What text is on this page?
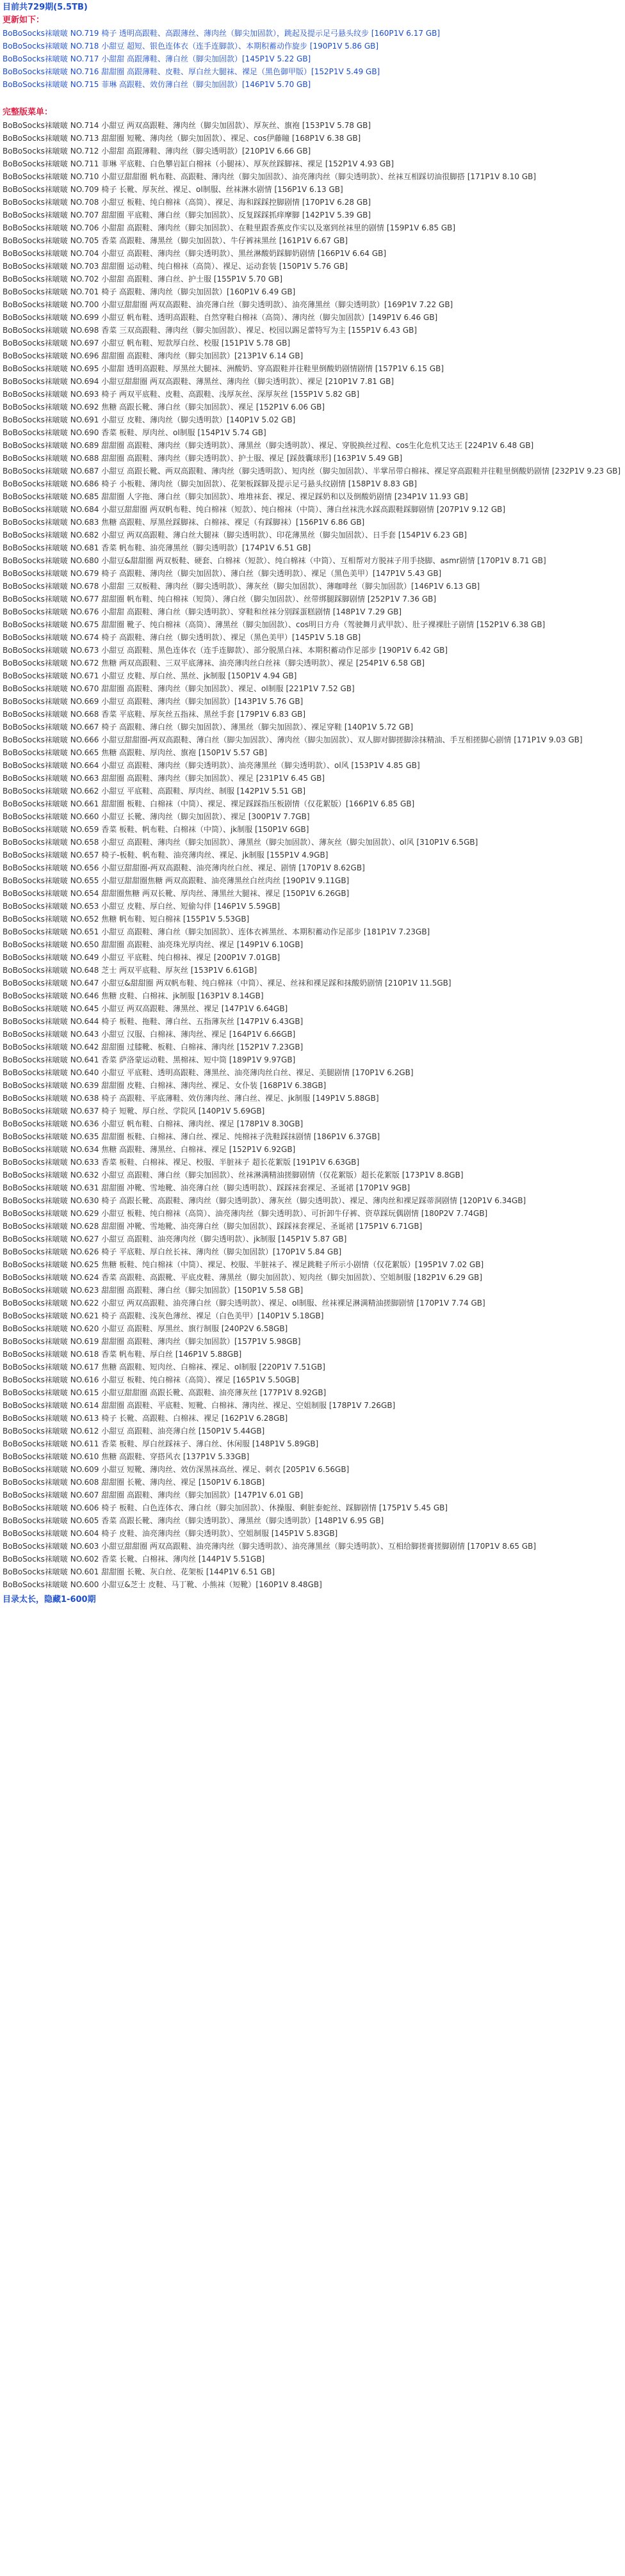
目前共729期(5.5TB)
更新如下：
BoBoSocks袜啵啵 NO.719 椅子 透明高跟鞋、高跟薄丝、薄肉丝（脚尖加固款），跳起及提示足弓悬头纹步 [160P1V 6.17 GB]
BoBoSocks袜啵啵 NO.718 小甜豆 超短、银色连体衣（连手连脚款）、本期积蓄动作旋步 [190P1V 5.86 GB]
BoBoSocks袜啵啵 NO.717 小甜甜 高跟薄鞋、薄白丝（脚尖加固款）[145P1V 5.22 GB]
BoBoSocks袜啵啵 NO.716 甜甜圈 高跟薄鞋、皮鞋、厚白丝大腿袜、裸足（黑色御甲版）[152P1V 5.49 GB]
BoBoSocks袜啵啵 NO.715 菲琳 高跟鞋、效仿薄白丝（脚尖加固款）[146P1V 5.70 GB]
完整版菜单：
BoBoSocks袜啵啵 NO.714 小甜豆 两双高跟鞋、薄肉丝（脚尖加固款）、厚灰丝、旗袍 [153P1V 5.78 GB]
BoBoSocks袜啵啵 NO.713 甜甜圈 短靴、薄肉丝（脚尖加固款）、裸足、cos伊藤瞳 [168P1V 6.38 GB]
BoBoSocks袜啵啵 NO.712 小甜甜 高跟薄鞋、薄肉丝（脚尖透明款）[210P1V 6.66 GB]
BoBoSocks袜啵啵 NO.711 菲琳 平底鞋、白色攀岩缸白棉袜（小腿袜）、厚灰丝踩脚袜、裸足 [152P1V 4.93 GB]
BoBoSocks袜啵啵 NO.710 小甜豆甜甜圈 帆布鞋、高跟鞋、薄肉丝（脚尖加固款）、油亮薄肉丝（脚尖透明款）、丝袜互相踩切油很脚搭 [171P1V 8.10 GB]
BoBoSocks袜啵啵 NO.709 椅子 长靴、厚灰丝、裸足、ol制服、丝袜淋水剧情 [156P1V 6.13 GB]
BoBoSocks袜啵啵 NO.708 小甜豆 板鞋、纯白棉袜（高筒）、裸足、海和踩踩控脚剧情 [170P1V 6.28 GB]
BoBoSocks袜啵啵 NO.707 甜甜圈 平底鞋、薄白丝（脚尖加固款）、反复踩踩抓痒摩脚 [142P1V 5.39 GB]
BoBoSocks袜啵啵 NO.706 小甜甜 高跟鞋、薄肉丝（脚尖加固款）、在鞋里跟香蕉皮作实以及塞到丝袜里的剧情 [159P1V 6.85 GB]
BoBoSocks袜啵啵 NO.705 香菜 高跟鞋、薄黑丝（脚尖加固款）、牛仔裤袜黑丝 [161P1V 6.67 GB]
BoBoSocks袜啵啵 NO.704 小甜豆 高跟鞋、薄肉丝（脚尖透明款）、黑丝淋酸奶踩脚奶剧情 [166P1V 6.64 GB]
BoBoSocks袜啵啵 NO.703 甜甜圈 运动鞋、纯白棉袜（高筒）、裸足、运动套装 [150P1V 5.76 GB]
BoBoSocks袜啵啵 NO.702 小甜甜 高跟鞋、薄白丝、护士服 [155P1V 5.70 GB]
BoBoSocks袜啵啵 NO.701 椅子 高跟鞋、薄肉丝（脚尖加固款）[160P1V 6.49 GB]
BoBoSocks袜啵啵 NO.700 小甜豆甜甜圈 两双高跟鞋、油亮薄白丝（脚尖透明款）、油亮薄黑丝（脚尖透明款）[169P1V 7.22 GB]
BoBoSocks袜啵啵 NO.699 小甜豆 帆布鞋、透明高跟鞋、自然穿鞋白棉袜（高筒）、薄肉丝（脚尖加固款）[149P1V 6.46 GB]
BoBoSocks袜啵啵 NO.698 香菜 三双高跟鞋、薄肉丝（脚尖加固款）、裸足、校园以踢足蕾特写为主 [155P1V 6.43 GB]
BoBoSocks袜啵啵 NO.697 小甜豆 帆布鞋、短款厚白丝、校服 [151P1V 5.78 GB]
BoBoSocks袜啵啵 NO.696 甜甜圈 高跟鞋、薄肉丝（脚尖加固款）[213P1V 6.14 GB]
BoBoSocks袜啵啵 NO.695 小甜甜 透明高跟鞋、厚黑丝大腿袜、洲酸奶、穿高跟鞋并往鞋里倒酸奶剧情剧情 [157P1V 6.15 GB]
BoBoSocks袜啵啵 NO.694 小甜豆甜甜圈 两双高跟鞋、薄黑丝、薄肉丝（脚尖透明款）、裸足 [210P1V 7.81 GB]
BoBoSocks袜啵啵 NO.693 椅子 两双平底鞋、皮鞋、高跟鞋、浅厚灰丝、深厚灰丝 [155P1V 5.82 GB]
BoBoSocks袜啵啵 NO.692 焦糖 高跟长靴、薄白丝（脚尖加固款）、裸足 [152P1V 6.06 GB]
BoBoSocks袜啵啵 NO.691 小甜豆 皮鞋、薄肉丝（脚尖透明款）[140P1V 5.02 GB]
BoBoSocks袜啵啵 NO.690 香菜 板鞋、厚肉丝、ol制服 [154P1V 5.74 GB]
BoBoSocks袜啵啵 NO.689 甜甜圈 高跟鞋、薄肉丝（脚尖透明款）、薄黑丝（脚尖透明款）、裸足、穿脱换丝过程、cos生化危机艾达王 [224P1V 6.48 GB]
BoBoSocks袜啵啵 NO.688 甜甜圈 高跟鞋、薄肉丝（脚尖透明款）、护士服、裸足 [踩鼓囊球形] [163P1V 5.49 GB]
BoBoSocks袜啵啵 NO.687 小甜豆 高跟长靴、两双高跟鞋、薄肉丝（脚尖透明款）、短肉丝（脚尖加固款）、半掌吊带白棉袜、裸足穿高跟鞋并往鞋里倒酸奶剧情 [232P1V 9.23 GB]
BoBoSocks袜啵啵 NO.686 椅子 小板鞋、薄肉丝（脚尖加固款）、花架板踩脚及提示足弓悬头纹剧情 [158P1V 8.83 GB]
BoBoSocks袜啵啵 NO.685 甜甜圈 人字拖、薄白丝（脚尖加固款）、堆堆袜套、裸足、裸足踩奶和以及倒酸奶剧情 [234P1V 11.93 GB]
BoBoSocks袜啵啵 NO.684 小甜豆甜甜圈 两双帆布鞋、纯白棉袜（短款）、纯白棉袜（中筒）、薄白丝袜洗水踩高跟鞋踩脚剧情 [207P1V 9.12 GB]
BoBoSocks袜啵啵 NO.683 焦糖 高跟鞋、厚黑丝踩脚袜、白棉袜、裸足（有踩脚袜）[156P1V 6.86 GB]
BoBoSocks袜啵啵 NO.682 小甜豆 两双高跟鞋、薄白丝大腿袜（脚尖透明款）、印花薄黑丝（脚尖加固款）、日手套 [154P1V 6.23 GB]
BoBoSocks袜啵啵 NO.681 香菜 帆布鞋、油亮薄黑丝（脚尖透明款）[174P1V 6.51 GB]
BoBoSocks袜啵啵 NO.680 小甜豆&甜甜圈 两双板鞋、硬套、白棉袜（短款）、纯白棉袜（中筒）、互相帮对方脱袜子用手挠脚、asmr剧情 [170P1V 8.71 GB]
BoBoSocks袜啵啵 NO.679 椅子 高跟鞋、薄肉丝（脚尖加固款）、薄白丝（脚尖透明款）、裸足（黑色美甲）[147P1V 5.43 GB]
BoBoSocks袜啵啵 NO.678 小甜甜 三双板鞋、薄肉丝（脚尖透明款）、薄灰丝（脚尖加固款）、薄咖啡丝（脚尖加固款）[146P1V 6.13 GB]
BoBoSocks袜啵啵 NO.677 甜甜圈 帆布鞋、纯白棉袜（短筒）、薄白丝（脚尖加固款）、丝带绑腿踩脚剧情 [252P1V 7.36 GB]
BoBoSocks袜啵啵 NO.676 小甜甜 高跟鞋、薄白丝（脚尖透明款）、穿鞋和丝袜分别踩蛋糕剧情 [148P1V 7.29 GB]
BoBoSocks袜啵啵 NO.675 甜甜圈 靴子、纯白棉袜（高筒）、薄黑丝（脚尖加固款）、cos明日方舟（驾驶舞月武甲款）、肚子裸裸肚子剧情 [152P1V 6.38 GB]
BoBoSocks袜啵啵 NO.674 椅子 高跟鞋、薄白丝（脚尖透明款）、裸足（黑色美甲）[145P1V 5.18 GB]
BoBoSocks袜啵啵 NO.673 小甜豆 高跟鞋、黑色连体衣（连手连脚款）、部分脱黑白袜、本期积蓄动作足部步 [190P1V 6.42 GB]
BoBoSocks袜啵啵 NO.672 焦糖 两双高跟鞋、三双平底薄袜、油亮薄肉丝白丝袜（脚尖透明款）、裸足 [254P1V 6.58 GB]
BoBoSocks袜啵啵 NO.671 小甜豆 皮鞋、厚白丝、黑丝、jk制服 [150P1V 4.94 GB]
BoBoSocks袜啵啵 NO.670 甜甜圈 高跟鞋、薄肉丝（脚尖加固款）、裸足、ol制服 [221P1V 7.52 GB]
BoBoSocks袜啵啵 NO.669 小甜豆 高跟鞋、薄肉丝（脚尖加固款）[143P1V 5.76 GB]
BoBoSocks袜啵啵 NO.668 香菜 平底鞋、厚灰丝五指袜、黑丝手套 [179P1V 6.83 GB]
BoBoSocks袜啵啵 NO.667 椅子 高跟鞋、薄白丝（脚尖加固款）、薄黑丝（脚尖加固款）、裸足穿鞋 [140P1V 5.72 GB]
BoBoSocks袜啵啵 NO.666 小甜豆甜甜圈-两双高跟鞋、薄白丝（脚尖加固款）、薄肉丝（脚尖加固款）、双人脚对脚搓脚涂抹精油、手互相搓脚心剧情 [171P1V 9.03 GB]
BoBoSocks袜啵啵 NO.665 焦糖 高跟鞋、厚肉丝、旗袍 [150P1V 5.57 GB]
BoBoSocks袜啵啵 NO.664 小甜豆 高跟鞋、薄肉丝（脚尖透明款）、油亮薄黑丝（脚尖透明款）、ol风 [153P1V 4.85 GB]
BoBoSocks袜啵啵 NO.663 甜甜圈 高跟鞋、薄肉丝（脚尖加固款）、裸足 [231P1V 6.45 GB]
BoBoSocks袜啵啵 NO.662 小甜豆 平底鞋、高跟鞋、厚肉丝、制服 [142P1V 5.51 GB]
BoBoSocks袜啵啵 NO.661 甜甜圈 板鞋、白棉袜（中筒）、裸足、裸足踩踩指压板剧情（仅花絮版）[166P1V 6.85 GB]
BoBoSocks袜啵啵 NO.660 小甜豆 长靴、薄肉丝（脚尖加固款）、裸足 [300P1V 7.7GB]
BoBoSocks袜啵啵 NO.659 香菜 板鞋、帆布鞋、白棉袜（中筒）、jk制服 [150P1V 6GB]
BoBoSocks袜啵啵 NO.658 小甜豆 高跟鞋、薄肉丝（脚尖加固款）、薄黑丝（脚尖加固款）、薄灰丝（脚尖加固款）、ol风 [310P1V 6.5GB]
BoBoSocks袜啵啵 NO.657 椅子-板鞋、帆布鞋、油亮薄肉丝、裸足、jk制服 [155P1V 4.9GB]
BoBoSocks袜啵啵 NO.656 小甜豆甜甜圈-两双高跟鞋、油亮薄肉丝白丝、裸足、剧情 [170P1V 8.62GB]
BoBoSocks袜啵啵 NO.655 小甜豆甜甜圈焦糖 两双高跟鞋、油亮薄黑丝白丝肉丝 [190P1V 9.11GB]
BoBoSocks袜啵啵 NO.654 甜甜圈焦糖 两双长靴、厚肉丝、薄黑丝大腿袜、裸足 [150P1V 6.26GB]
BoBoSocks袜啵啵 NO.653 小甜豆 皮鞋、厚白丝、短偷勾伴 [146P1V 5.59GB]
BoBoSocks袜啵啵 NO.652 焦糖 帆布鞋、短白棉袜 [155P1V 5.53GB]
BoBoSocks袜啵啵 NO.651 小甜豆 高跟鞋、薄白丝（脚尖加固款）、连体衣裤黑丝、本期积蓄动作足部步 [181P1V 7.23GB]
BoBoSocks袜啵啵 NO.650 甜甜圈 高跟鞋、油亮珠光厚肉丝、裸足 [149P1V 6.10GB]
BoBoSocks袜啵啵 NO.649 小甜豆 平底鞋、纯白棉袜、裸足 [200P1V 7.01GB]
BoBoSocks袜啵啵 NO.648 芝士 两双平底鞋、厚灰丝 [153P1V 6.61GB]
BoBoSocks袜啵啵 NO.647 小甜豆&甜甜圈 两双帆布鞋、纯白棉袜（中筒）、裸足、丝袜和裸足踩和抹酸奶剧情 [210P1V 11.5GB]
BoBoSocks袜啵啵 NO.646 焦糖 皮鞋、白棉袜、jk制服 [163P1V 8.14GB]
BoBoSocks袜啵啵 NO.645 小甜豆 两双高跟鞋、薄黑丝、裸足 [147P1V 6.64GB]
BoBoSocks袜啵啵 NO.644 椅子 板鞋、拖鞋、薄白丝、五指薄灰丝 [147P1V 6.43GB]
BoBoSocks袜啵啵 NO.643 小甜豆 汉服、白棉袜、薄肉丝、裸足 [164P1V 6.66GB]
BoBoSocks袜啵啵 NO.642 甜甜圈 过膝靴、板鞋、白棉袜、薄肉丝 [152P1V 7.23GB]
BoBoSocks袜啵啵 NO.641 香菜 萨洛蒙运动鞋、黑棉袜、短中筒 [189P1V 9.97GB]
BoBoSocks袜啵啵 NO.640 小甜豆 平底鞋、透明高跟鞋、薄黑丝、油亮薄肉丝白丝、裸足、美腿剧情 [170P1V 6.2GB]
BoBoSocks袜啵啵 NO.639 甜甜圈 皮鞋、白棉袜、薄肉丝、裸足、女仆装 [168P1V 6.38GB]
BoBoSocks袜啵啵 NO.638 椅子 高跟鞋、平底薄鞋、效仿薄肉丝、薄白丝、裸足、jk制服 [149P1V 5.88GB]
BoBoSocks袜啵啵 NO.637 椅子 短靴、厚白丝、学院风 [140P1V 5.69GB]
BoBoSocks袜啵啵 NO.636 小甜豆 帆布鞋、白棉袜、薄肉丝、裸足 [178P1V 8.30GB]
BoBoSocks袜啵啵 NO.635 甜甜圈 板鞋、白棉袜、薄白丝、裸足、纯棉袜子洗鞋踩抹剧情 [186P1V 6.37GB]
BoBoSocks袜啵啵 NO.634 焦糖 高跟鞋、薄黑丝、白棉袜、裸足 [152P1V 6.92GB]
BoBoSocks袜啵啵 NO.633 香菜 板鞋、白棉袜、裸足、校服、半脏袜子 超长花絮版 [191P1V 6.63GB]
BoBoSocks袜啵啵 NO.632 小甜豆 高跟鞋、薄白丝（脚尖加固款）、丝袜淋满精油搓脚剧情（仅花絮版）超长花絮版 [173P1V 8.8GB]
BoBoSocks袜啵啵 NO.631 甜甜圈 冲靴、雪地靴、油亮薄白丝（脚尖透明款）、踩踩袜套裸足、圣诞裙 [170P1V 9GB]
BoBoSocks袜啵啵 NO.630 椅子 高跟长靴、高跟鞋、薄肉丝（脚尖透明款）、薄灰丝（脚尖透明款）、裸足、薄肉丝和裸足踩蒂洞剧情 [120P1V 6.34GB]
BoBoSocks袜啵啵 NO.629 小甜豆 板鞋、纯白棉袜（高筒）、油亮薄肉丝（脚尖透明款）、可折卸牛仔裤、资草踩玩偶剧情 [180P2V 7.74GB]
BoBoSocks袜啵啵 NO.628 甜甜圈 冲靴、雪地靴、油亮薄白丝（脚尖加固款）、踩踩袜套裸足、圣诞裙 [175P1V 6.71GB]
BoBoSocks袜啵啵 NO.627 小甜豆 高跟鞋、油亮薄肉丝（脚尖透明款）、jk制服 [145P1V 5.87 GB]
BoBoSocks袜啵啵 NO.626 椅子 平底鞋、厚白丝长袜、薄肉丝（脚尖加固款）[170P1V 5.84 GB]
BoBoSocks袜啵啵 NO.625 焦糖 板鞋、纯白棉袜（中筒）、裸足、校服、半脏袜子、裸足跳鞋子所示小剧情（仅花絮版）[195P1V 7.02 GB]
BoBoSocks袜啵啵 NO.624 香菜 高跟鞋、高跟靴、平底皮鞋、薄黑丝（脚尖加固款）、短肉丝（脚尖加固款）、空姐制服 [182P1V 6.29 GB]
BoBoSocks袜啵啵 NO.623 甜甜圈 高跟鞋、薄白丝（脚尖加固款）[150P1V 5.58 GB]
BoBoSocks袜啵啵 NO.622 小甜豆 两双高跟鞋、油亮薄白丝（脚尖透明款）、裸足、ol制服、丝袜裸足淋满精油搓脚剧情 [170P1V 7.74 GB]
BoBoSocks袜啵啵 NO.621 椅子 高跟鞋、浅灰色薄丝、裸足（白色美甲）[140P1V 5.18GB]
BoBoSocks袜啵啵 NO.620 小甜豆 高跟鞋、厚黑丝、旗行制服 [240P2V 6.58GB]
BoBoSocks袜啵啵 NO.619 甜甜圈 高跟鞋、薄肉丝（脚尖加固款）[157P1V 5.98GB]
BoBoSocks袜啵啵 NO.618 香菜 帆布鞋、厚白丝 [146P1V 5.88GB]
BoBoSocks袜啵啵 NO.617 焦糖 高跟鞋、短肉丝、白棉袜、裸足、ol制服 [220P1V 7.51GB]
BoBoSocks袜啵啵 NO.616 小甜豆 板鞋、纯白棉袜（高筒）、裸足 [165P1V 5.50GB]
BoBoSocks袜啵啵 NO.615 小甜豆甜甜圈 高跟长靴、高跟鞋、油亮薄灰丝 [177P1V 8.92GB]
BoBoSocks袜啵啵 NO.614 甜甜圈 高跟鞋、平底鞋、短靴、白棉袜、薄肉丝、裸足、空姐制服 [178P1V 7.26GB]
BoBoSocks袜啵啵 NO.613 椅子 长靴、高跟鞋、白棉袜、裸足 [162P1V 6.28GB]
BoBoSocks袜啵啵 NO.612 小甜豆 高跟鞋、油亮薄白丝 [150P1V 5.44GB]
BoBoSocks袜啵啵 NO.611 香菜 板鞋、厚白丝踩袜子、薄白丝、休闲服 [148P1V 5.89GB]
BoBoSocks袜啵啵 NO.610 焦糖 高跟鞋、穿搭风衣 [137P1V 5.33GB]
BoBoSocks袜啵啵 NO.609 小甜豆 短靴、薄肉丝、效仿深黑袜高丝、裸足、刺衣 [205P1V 6.56GB]
BoBoSocks袜啵啵 NO.608 甜甜圈 长靴、薄肉丝、裸足 [150P1V 6.18GB]
BoBoSocks袜啵啵 NO.607 甜甜圈 高跟鞋、薄肉丝（脚尖加固款）[147P1V 6.01 GB]
BoBoSocks袜啵啵 NO.606 椅子 板鞋、白色连体衣、薄白丝（脚尖加固款）、休操服、剩脏泰蛇丝、踩脚剧情 [175P1V 5.45 GB]
BoBoSocks袜啵啵 NO.605 香菜 高跟长靴、薄肉丝（脚尖透明款）、薄黑丝（脚尖透明款）[148P1V 6.95 GB]
BoBoSocks袜啵啵 NO.604 椅子 皮鞋、油亮薄肉丝（脚尖透明款）、空姐制服 [145P1V 5.83GB]
BoBoSocks袜啵啵 NO.603 小甜豆甜甜圈 两双高跟鞋、油亮薄肉丝（脚尖透明款）、油亮薄黑丝（脚尖透明款）、互相给脚搓膏搓脚剧情 [170P1V 8.65 GB]
BoBoSocks袜啵啵 NO.602 香菜 长靴、白棉袜、薄肉丝 [144P1V 5.51GB]
BoBoSocks袜啵啵 NO.601 甜甜圈 长靴、灰白丝、花架板 [144P1V 6.51 GB]
BoBoSocks袜啵啵 NO.600 小甜豆&芝士 皮鞋、马丁靴、小熊袜（短靴）[160P1V 8.48GB]
目录太长，隐藏1-600期
